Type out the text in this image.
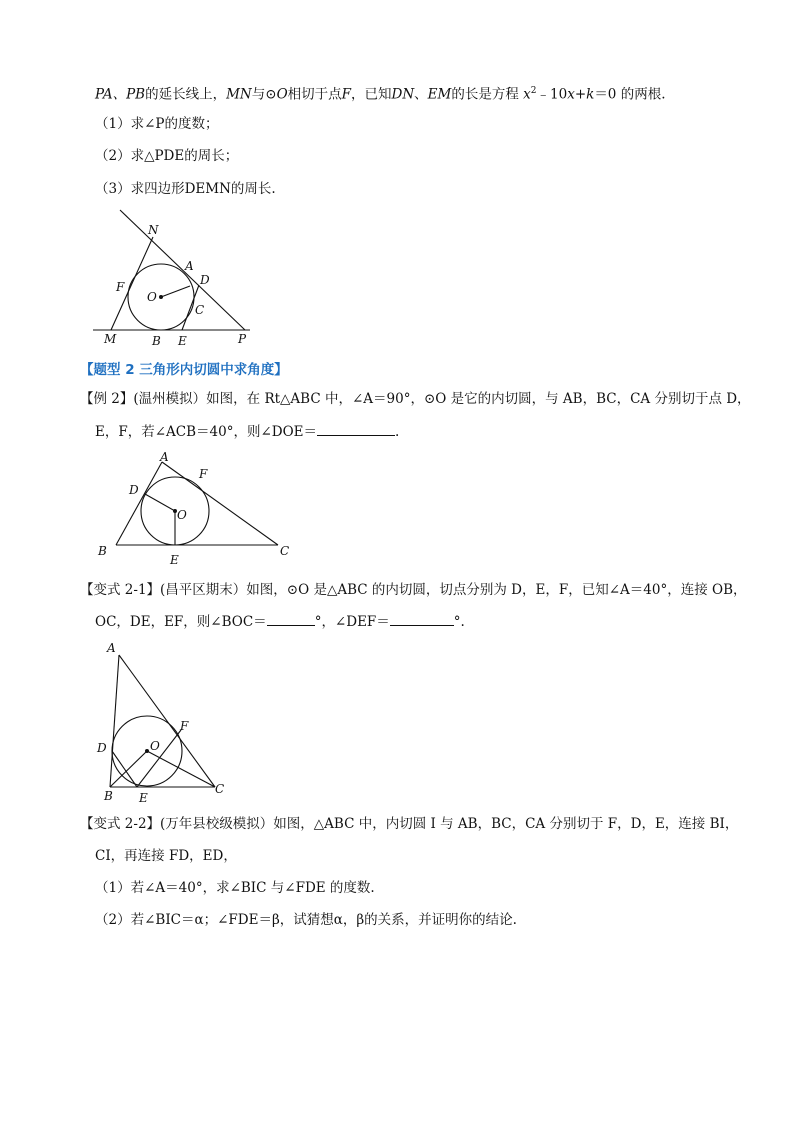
PA、PB的延长线上，MN与⊙O相切于点F，已知DN、EM的长是方程 $x^2﹣10x+k=0$ 的两根.
（1）求∠P的度数；
（2）求△PDE的周长；
（3）求四边形DEMN的周长.
N
A
D
F
O
C
M	B E	P
【题型 2 三角形内切圆中求角度】
【例 2】(温州模拟）如图，在 Rt△ABC 中，∠A＝90°，⊙O 是它的内切圆，与 AB，BC，CA 分别切于点 D，
E，F，若∠ACB＝40°，则∠DOE＝	.
A
F
D
O
B
E
C
【变式 2-1】(昌平区期末）如图，⊙O 是△ABC 的内切圆，切点分别为 D，E，F，已知∠A＝40°，连接 OB，
OC，DE，EF，则∠BOC＝	°，∠DEF＝	°.
A
F
D	O
B E
C
【变式 2-2】(万年县校级模拟）如图，△ABC 中，内切圆 I 与 AB，BC，CA 分别切于 F，D，E，连接 BI，
CI，再连接 FD，ED，
（1）若∠A＝40°，求∠BIC 与∠FDE 的度数.
（2）若∠BIC＝α；∠FDE＝β，试猜想α，β的关系，并证明你的结论.
